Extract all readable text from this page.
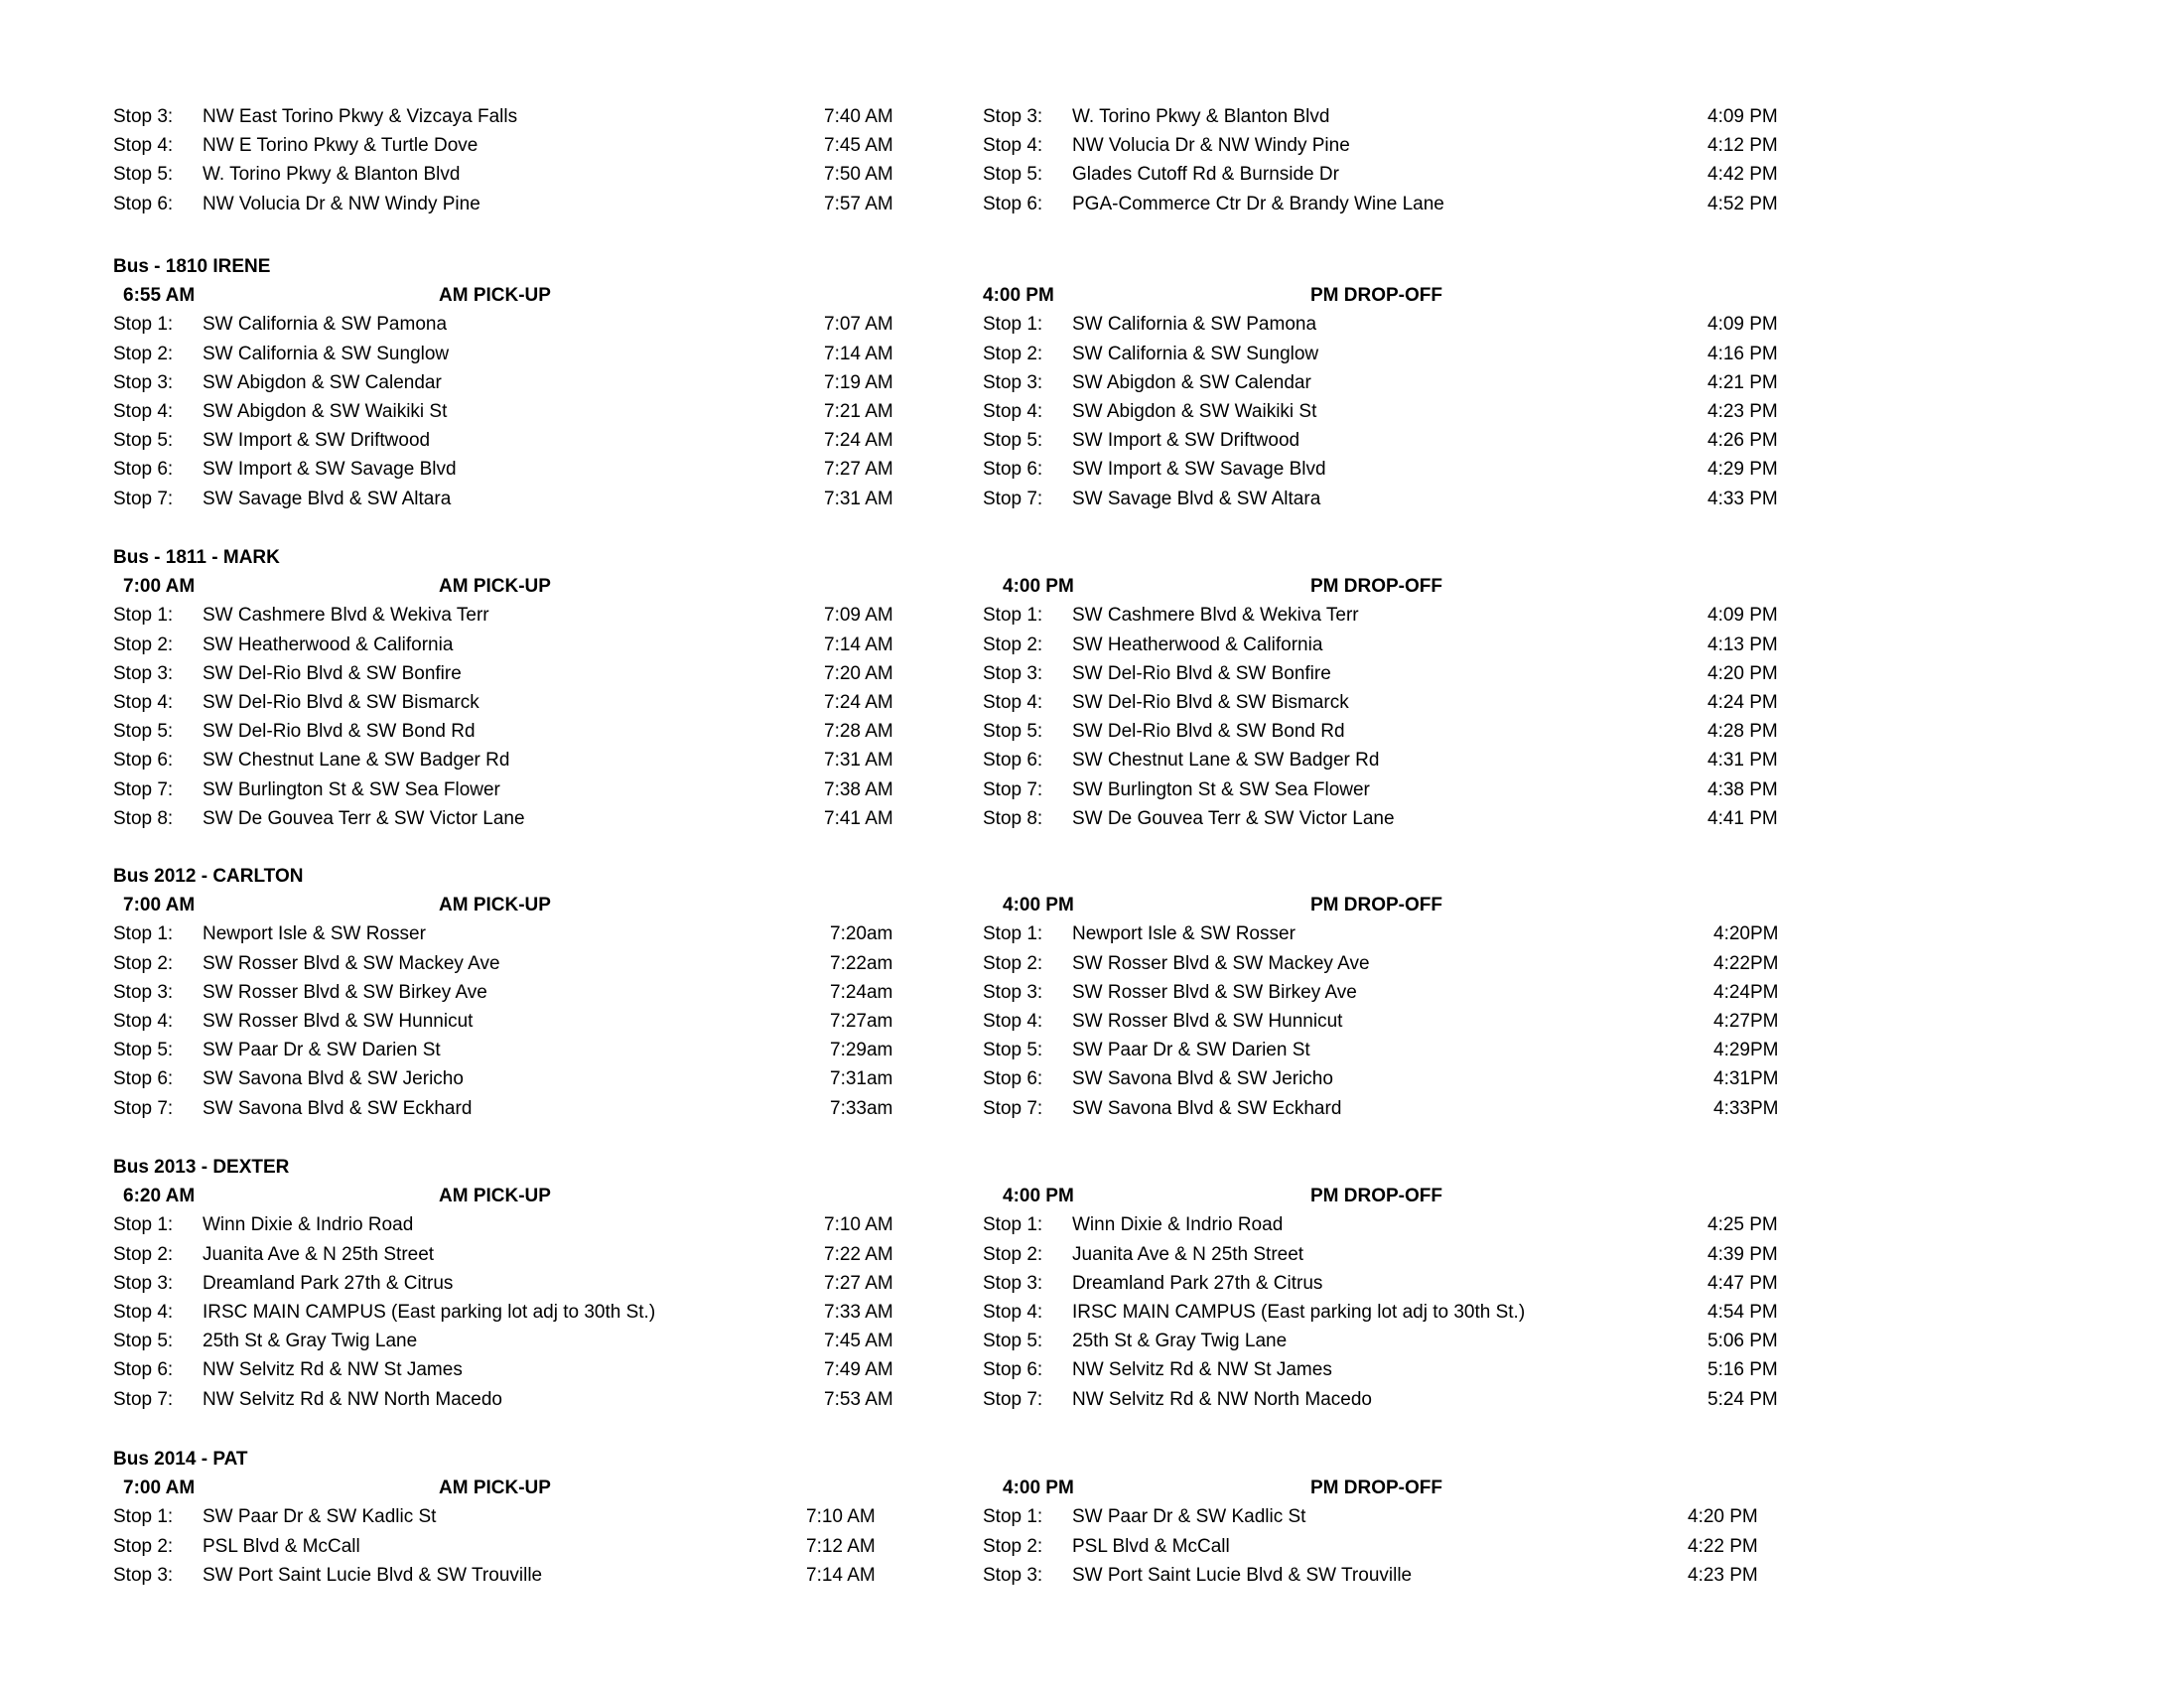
Stop 3: NW East Torino Pkwy & Vizcaya Falls	7:40 AM
Stop 4: NW E Torino Pkwy & Turtle Dove	7:45 AM
Stop 5: W. Torino Pkwy & Blanton Blvd	7:50 AM
Stop 6: NW Volucia Dr & NW Windy Pine	7:57 AM
Stop 3: W. Torino Pkwy & Blanton Blvd	4:09 PM
Stop 4: NW Volucia Dr & NW Windy Pine	4:12 PM
Stop 5: Glades Cutoff Rd & Burnside Dr	4:42 PM
Stop 6: PGA-Commerce Ctr Dr & Brandy Wine Lane	4:52 PM
Bus - 1810 IRENE
6:55 AM	AM PICK-UP	4:00 PM	PM DROP-OFF
Stop 1: SW California & SW Pamona	7:07 AM
Stop 2: SW California & SW Sunglow	7:14 AM
Stop 3: SW Abigdon & SW Calendar	7:19 AM
Stop 4: SW Abigdon & SW Waikiki St	7:21 AM
Stop 5: SW Import & SW Driftwood	7:24 AM
Stop 6: SW Import & SW Savage Blvd	7:27 AM
Stop 7: SW Savage Blvd & SW Altara	7:31 AM
Stop 1: SW California & SW Pamona	4:09 PM
Stop 2: SW California & SW Sunglow	4:16 PM
Stop 3: SW Abigdon & SW Calendar	4:21 PM
Stop 4: SW Abigdon & SW Waikiki St	4:23 PM
Stop 5: SW Import & SW Driftwood	4:26 PM
Stop 6: SW Import & SW Savage Blvd	4:29 PM
Stop 7: SW Savage Blvd & SW Altara	4:33 PM
Bus - 1811 - MARK
7:00 AM	AM PICK-UP	4:00 PM	PM DROP-OFF
Stop 1: SW Cashmere Blvd & Wekiva Terr	7:09 AM
Stop 2: SW Heatherwood & California	7:14 AM
Stop 3: SW Del-Rio Blvd & SW Bonfire	7:20 AM
Stop 4: SW Del-Rio Blvd & SW Bismarck	7:24 AM
Stop 5: SW Del-Rio Blvd & SW Bond Rd	7:28 AM
Stop 6: SW Chestnut Lane & SW Badger Rd	7:31 AM
Stop 7: SW Burlington St & SW Sea Flower	7:38 AM
Stop 8: SW De Gouvea Terr & SW Victor Lane	7:41 AM
Stop 1: SW Cashmere Blvd & Wekiva Terr	4:09 PM
Stop 2: SW Heatherwood & California	4:13 PM
Stop 3: SW Del-Rio Blvd & SW Bonfire	4:20 PM
Stop 4: SW Del-Rio Blvd & SW Bismarck	4:24 PM
Stop 5: SW Del-Rio Blvd & SW Bond Rd	4:28 PM
Stop 6: SW Chestnut Lane & SW Badger Rd	4:31 PM
Stop 7: SW Burlington St & SW Sea Flower	4:38 PM
Stop 8: SW De Gouvea Terr & SW Victor Lane	4:41 PM
Bus 2012 - CARLTON
7:00 AM	AM PICK-UP	4:00 PM	PM DROP-OFF
Stop 1: Newport Isle & SW Rosser	7:20am
Stop 2: SW Rosser Blvd & SW Mackey Ave	7:22am
Stop 3: SW Rosser Blvd & SW Birkey Ave	7:24am
Stop 4: SW Rosser Blvd & SW Hunnicut	7:27am
Stop 5: SW Paar Dr & SW Darien St	7:29am
Stop 6: SW Savona Blvd & SW Jericho	7:31am
Stop 7: SW Savona Blvd & SW Eckhard	7:33am
Stop 1: Newport Isle & SW Rosser	4:20PM
Stop 2: SW Rosser Blvd & SW Mackey Ave	4:22PM
Stop 3: SW Rosser Blvd & SW Birkey Ave	4:24PM
Stop 4: SW Rosser Blvd & SW Hunnicut	4:27PM
Stop 5: SW Paar Dr & SW Darien St	4:29PM
Stop 6: SW Savona Blvd & SW Jericho	4:31PM
Stop 7: SW Savona Blvd & SW Eckhard	4:33PM
Bus 2013 - DEXTER
6:20 AM	AM PICK-UP	4:00 PM	PM DROP-OFF
Stop 1: Winn Dixie & Indrio Road	7:10 AM
Stop 2: Juanita Ave & N 25th Street	7:22 AM
Stop 3: Dreamland Park 27th & Citrus	7:27 AM
Stop 4: IRSC MAIN CAMPUS (East parking lot adj to 30th St.)	7:33 AM
Stop 5: 25th St & Gray Twig Lane	7:45 AM
Stop 6: NW Selvitz Rd & NW St James	7:49 AM
Stop 7: NW Selvitz Rd & NW North Macedo	7:53 AM
Stop 1: Winn Dixie & Indrio Road	4:25 PM
Stop 2: Juanita Ave & N 25th Street	4:39 PM
Stop 3: Dreamland Park 27th & Citrus	4:47 PM
Stop 4: IRSC MAIN CAMPUS (East parking lot adj to 30th St.)	4:54 PM
Stop 5: 25th St & Gray Twig Lane	5:06 PM
Stop 6: NW Selvitz Rd & NW St James	5:16 PM
Stop 7: NW Selvitz Rd & NW North Macedo	5:24 PM
Bus 2014 - PAT
7:00 AM	AM PICK-UP	4:00 PM	PM DROP-OFF
Stop 1: SW Paar Dr & SW Kadlic St	7:10 AM
Stop 2: PSL Blvd & McCall	7:12 AM
Stop 3: SW Port Saint Lucie Blvd & SW Trouville	7:14 AM
Stop 1: SW Paar Dr & SW Kadlic St	4:20 PM
Stop 2: PSL Blvd & McCall	4:22 PM
Stop 3: SW Port Saint Lucie Blvd & SW Trouville	4:23 PM
